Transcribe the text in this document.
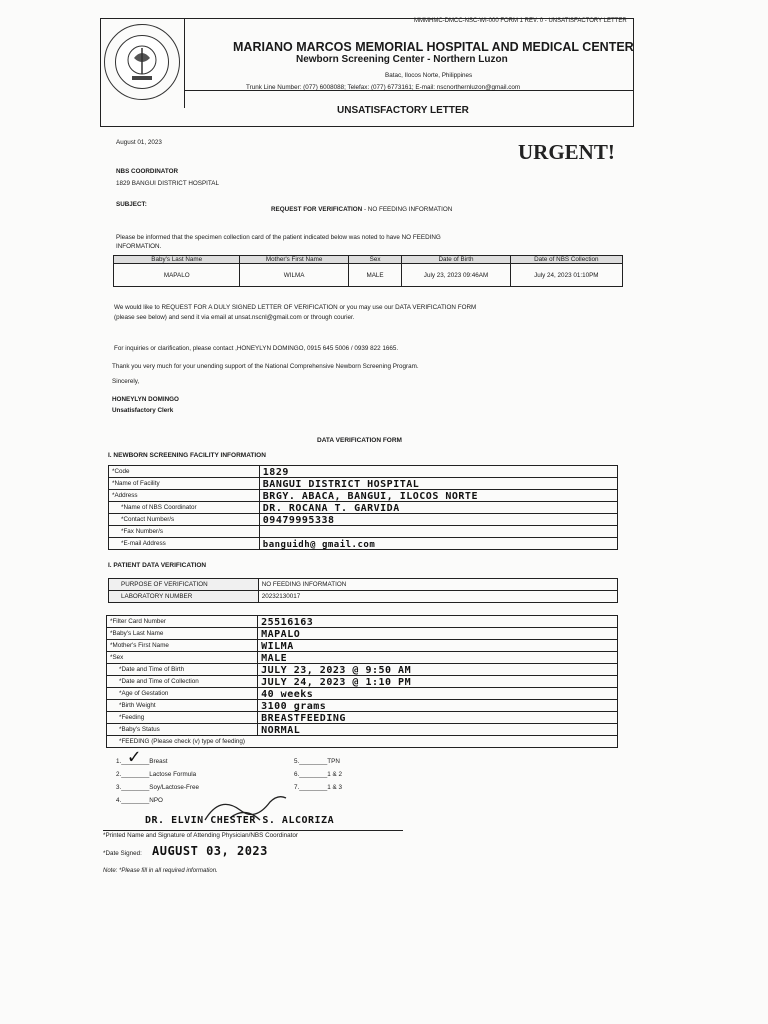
MMMHMC-DMCC-NSC-WI-000 FORM 1 REV. 0 - UNSATISFACTORY LETTER
MARIANO MARCOS MEMORIAL HOSPITAL AND MEDICAL CENTER
Newborn Screening Center - Northern Luzon
Batac, Ilocos Norte, Philippines
Trunk Line Number: (077) 6008088; Telefax: (077) 6773161; E-mail: nscnorthernluzon@gmail.com
UNSATISFACTORY LETTER
August 01, 2023	URGENT!
NBS COORDINATOR
1829 BANGUI DISTRICT HOSPITAL
SUBJECT:
REQUEST FOR VERIFICATION - NO FEEDING INFORMATION
Please be informed that the specimen collection card of the patient indicated below was noted to have NO FEEDING
INFORMATION.
Baby's Last Name	Mother's First Name	Sex	Date of Birth	Date of NBS Collection
MAPALO	WILMA	MALE	July 23, 2023 09:46AM	July 24, 2023 01:10PM
We would like to REQUEST FOR A DULY SIGNED LETTER OF VERIFICATION or you may use our DATA VERIFICATION FORM
(please see below) and send it via email at unsat.nscnl@gmail.com or through courier.
For inquiries or clarification, please contact ,HONEYLYN DOMINGO, 0915 645 5006 / 0939 822 1665.
Thank you very much for your unending support of the National Comprehensive Newborn Screening Program.
Sincerely,
HONEYLYN DOMINGO
Unsatisfactory Clerk
DATA VERIFICATION FORM
I. NEWBORN SCREENING FACILITY INFORMATION
*Code	1829
*Name of Facility	BANGUI DISTRICT HOSPITAL
*Address	BRGY. ABACA, BANGUI, ILOCOS NORTE
*Name of NBS Coordinator	DR. ROCANA T. GARVIDA
*Contact Number/s	09479995338
*Fax Number/s	
*E-mail Address	banguidh@ gmail.com
I. PATIENT DATA VERIFICATION
PURPOSE OF VERIFICATION	NO FEEDING INFORMATION
LABORATORY NUMBER	20232130017
*Filter Card Number	25516163
*Baby's Last Name	MAPALO
*Mother's First Name	WILMA
*Sex	MALE
*Date and Time of Birth	JULY 23, 2023 @ 9:50 AM
*Date and Time of Collection	JULY 24, 2023 @ 1:10 PM
*Age of Gestation	40 weeks
*Birth Weight	3100 grams
*Feeding	BREASTFEEDING
*Baby's Status	NORMAL
*FEEDING (Please check (v) type of feeding)	
1.________Breast
2.________Lactose Formula
3.________Soy/Lactose-Free
4.________NPO
5.________TPN
6.________1 & 2
7.________1 & 3
✓
DR. ELVIN CHESTER S. ALCORIZA
*Printed Name and Signature of Attending Physician/NBS Coordinator
*Date Signed: AUGUST 03, 2023
Note: *Please fill in all required information.
